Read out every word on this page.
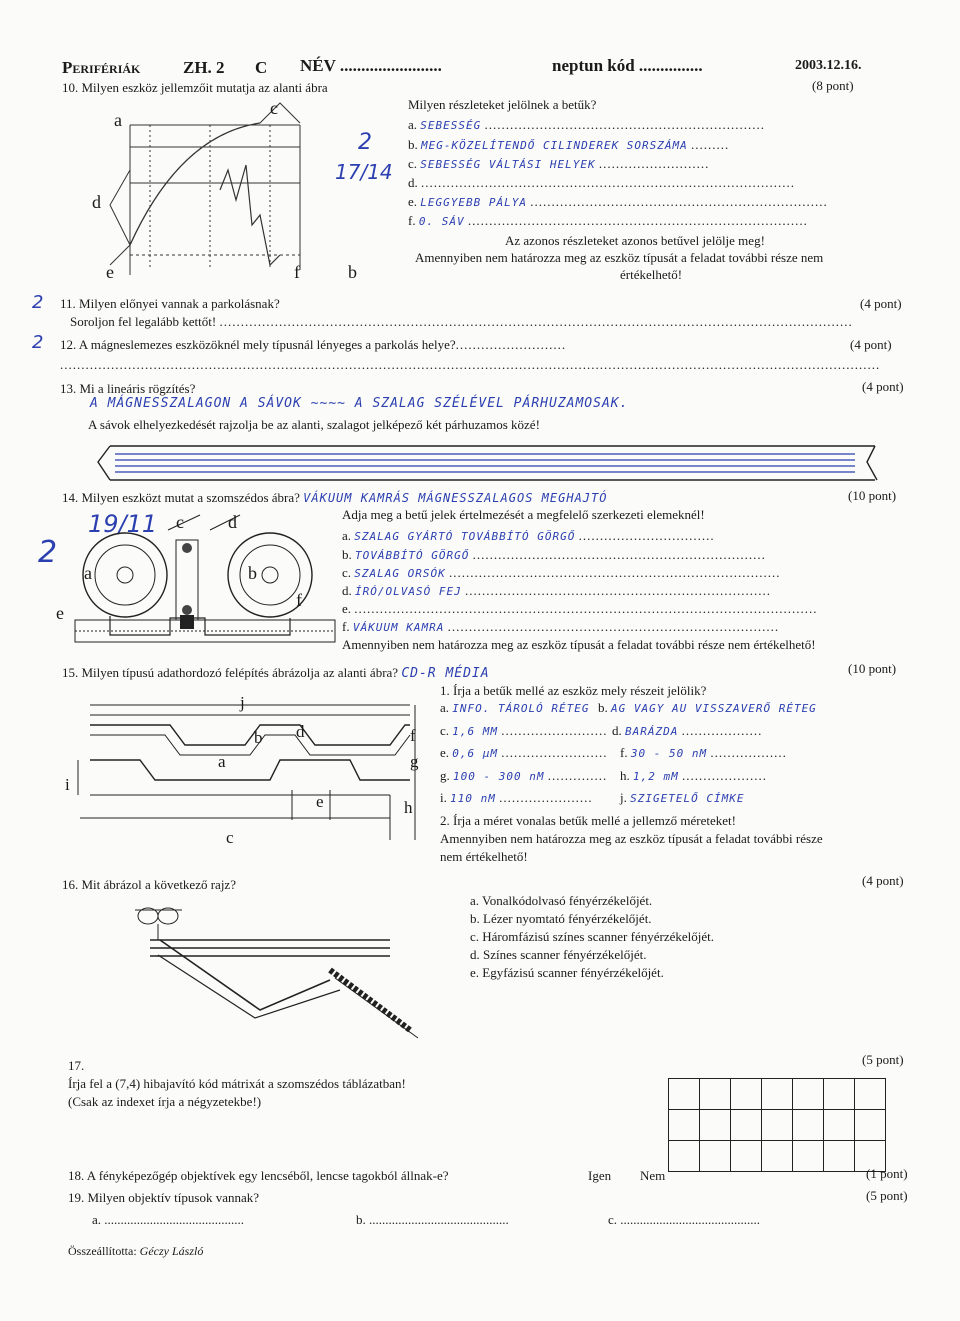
Perifériák	ZH. 2 C NÉV ........................	neptun kód ...............	2003.12.16.
10. Milyen eszköz jellemzőit mutatja az alanti ábra	(8 pont)
Milyen részleteket jelölnek a betűk?
a
c
d
e	f	b
2
17/14
a. SEBESSÉG ..................................................................
b. MEG-KÖZELÍTENDŐ CILINDEREK SORSZÁMA .........
c. SEBESSÉG VÁLTÁSI HELYEK ..........................
d. ........................................................................................
e. LEGGYEBB PÁLYA ......................................................................
f. 0. SÁV ................................................................................
Az azonos részleteket azonos betűvel jelölje meg!
Amennyiben nem határozza meg az eszköz típusát a feladat további része nem
értékelhető!
2 11. Milyen előnyei vannak a parkolásnak?	(4 pont)
Soroljon fel legalább kettőt! .....................................................................................................................................................
2 12. A mágneslemezes eszközöknél mely típusnál lényeges a parkolás helye?..........................	(4 pont)
.................................................................................................................................................................................................
13. Mi a lineáris rögzítés?	(4 pont)
A MÁGNESSZALAGON A SÁVOK ~~~~ A SZALAG SZÉLÉVEL PÁRHUZAMOSAK.
A sávok elhelyezkedését rajzolja be az alanti, szalagot jelképező két párhuzamos közé!
14. Milyen eszközt mutat a szomszédos ábra? VÁKUUM KAMRÁS MÁGNESSZALAGOS MEGHAJTÓ	(10 pont)
Adja meg a betű jelek értelmezését a megfelelő szerkezeti elemeknél!
2
19/11
a	b
c d
e
f
a. SZALAG GYÁRTÓ TOVÁBBÍTÓ GÖRGŐ ................................
b. TOVÁBBÍTÓ GÖRGŐ .....................................................................
c. SZALAG ORSÓK ..............................................................................
d. ÍRÓ/OLVASÓ FEJ ........................................................................
e. .............................................................................................................
f. VÁKUUM KAMRA ..............................................................................
Amennyiben nem határozza meg az eszköz típusát a feladat további része nem értékelhető!
15. Milyen típusú adathordozó felépítés ábrázolja az alanti ábra? CD-R MÉDIA	(10 pont)
1. Írja a betűk mellé az eszköz mely részeit jelölik?
j
b d
a
i
e
c
f
g
h
a. INFO. TÁROLÓ RÉTEG b. AG VAGY AU VISSZAVERŐ RÉTEG
c. 1,6 MM ......................... d. BARÁZDA ...................
e. 0,6 µM ......................... f. 30 - 50 nM ..................
g. 100 - 300 nM .............. h. 1,2 mM ....................
i. 110 nM ...................... j. SZIGETELŐ CÍMKE
2. Írja a méret vonalas betűk mellé a jellemző méreteket!
Amennyiben nem határozza meg az eszköz típusát a feladat további része
nem értékelhető!
16. Mit ábrázol a következő rajz?	(4 pont)
a. Vonalkódolvasó fényérzékelőjét.
b. Lézer nyomtató fényérzékelőjét.
c. Háromfázisú színes scanner fényérzékelőjét.
d. Színes scanner fényérzékelőjét.
e. Egyfázisú scanner fényérzékelőjét.
17.	(5 pont)
Írja fel a (7,4) hibajavító kód mátrixát a szomszédos táblázatban!
(Csak az indexet írja a négyzetekbe!)

18. A fényképezőgép objektívek egy lencséből, lencse tagokból állnak-e?	Igen Nem	(1 pont)
19. Milyen objektív típusok vannak?	(5 pont)
a. ...........................................	b. ...........................................	c. ...........................................
Összeállította: Géczy László
